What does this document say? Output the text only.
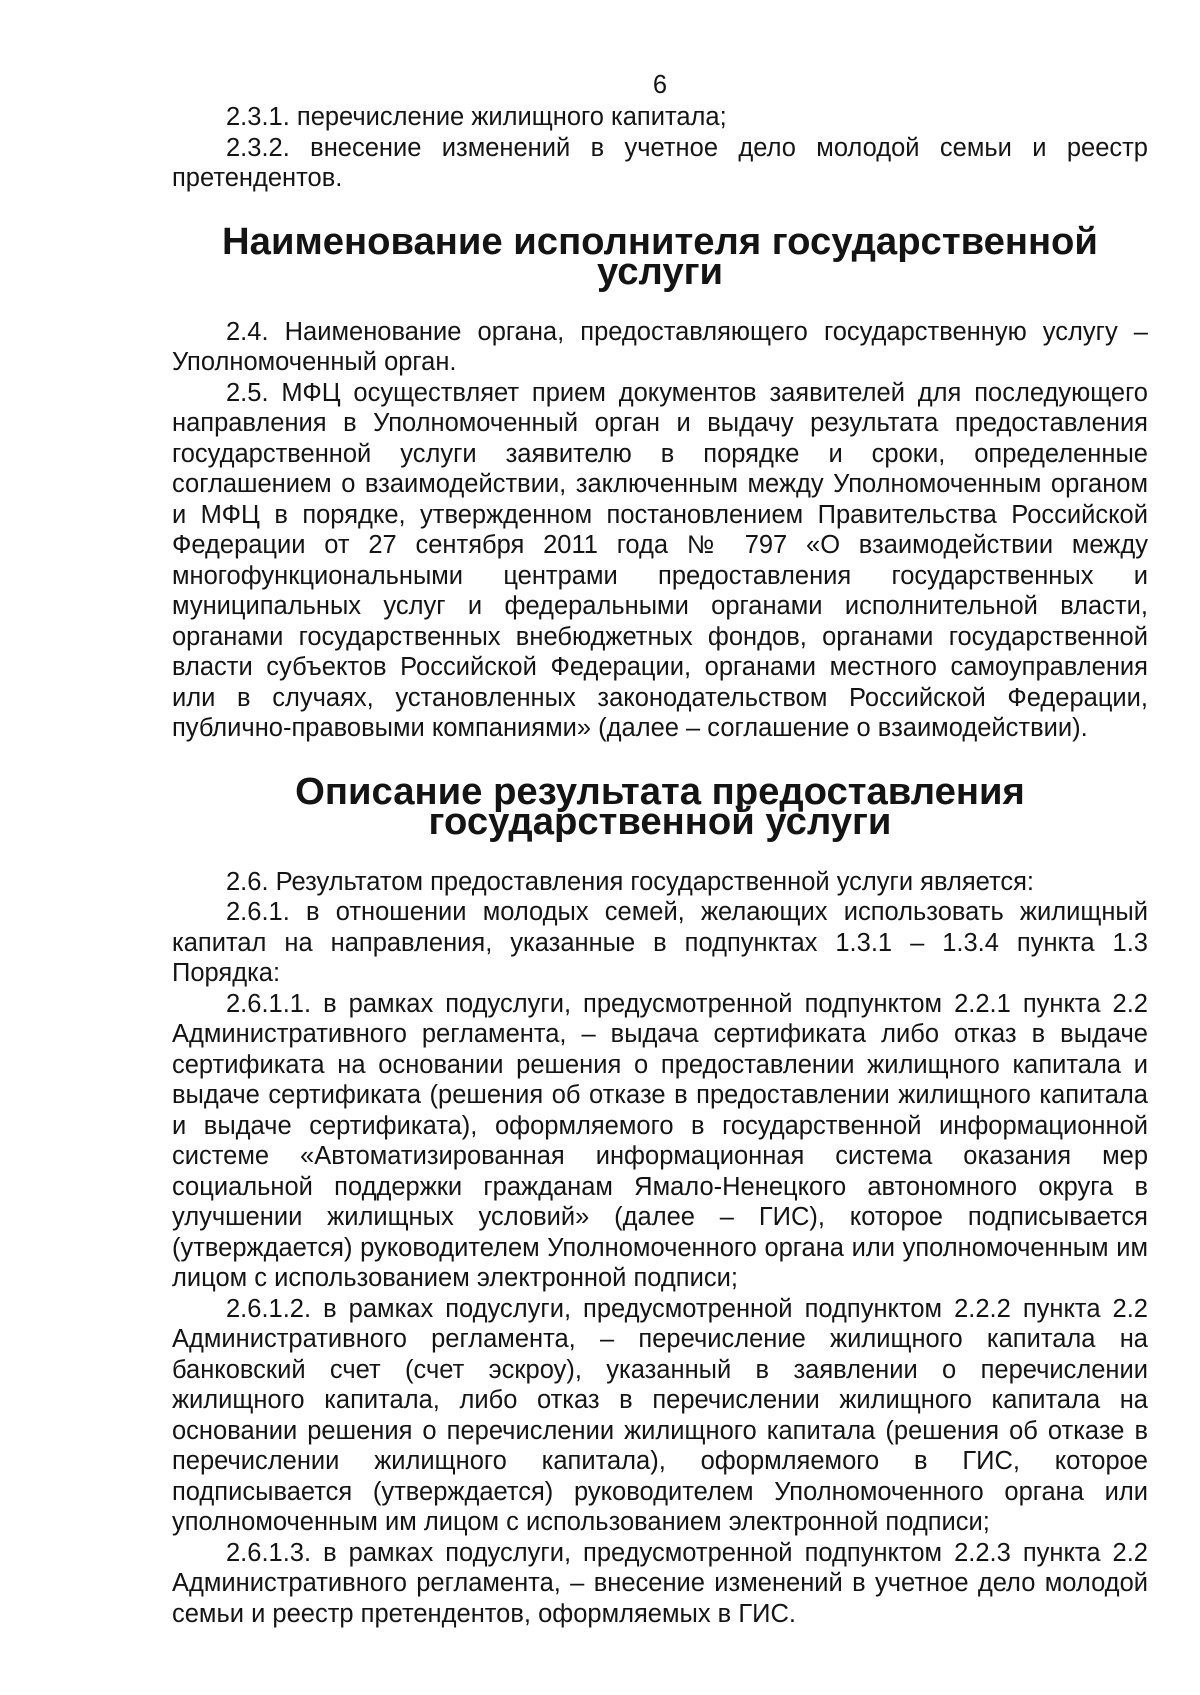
6

2.3.1. перечисление жилищного капитала;

2.3.2. внесение изменений в учетное дело молодой семьи и реестр претендентов.

Наименование исполнителя государственной услуги

2.4. Наименование органа, предоставляющего государственную услугу – Уполномоченный орган.

2.5. МФЦ осуществляет прием документов заявителей для последующего направления в Уполномоченный орган и выдачу результата предоставления государственной услуги заявителю в порядке и сроки, определенные соглашением о взаимодействии, заключенным между Уполномоченным органом и МФЦ в порядке, утвержденном постановлением Правительства Российской Федерации от 27 сентября 2011 года № 797 «О взаимодействии между многофункциональными центрами предоставления государственных и муниципальных услуг и федеральными органами исполнительной власти, органами государственных внебюджетных фондов, органами государственной власти субъектов Российской Федерации, органами местного самоуправления или в случаях, установленных законодательством Российской Федерации, публично-правовыми компаниями» (далее – соглашение о взаимодействии).

Описание результата предоставления государственной услуги

2.6. Результатом предоставления государственной услуги является:

2.6.1. в отношении молодых семей, желающих использовать жилищный капитал на направления, указанные в подпунктах 1.3.1 – 1.3.4 пункта 1.3 Порядка:

2.6.1.1. в рамках подуслуги, предусмотренной подпунктом 2.2.1 пункта 2.2 Административного регламента, – выдача сертификата либо отказ в выдаче сертификата на основании решения о предоставлении жилищного капитала и выдаче сертификата (решения об отказе в предоставлении жилищного капитала и выдаче сертификата), оформляемого в государственной информационной системе «Автоматизированная информационная система оказания мер социальной поддержки гражданам Ямало-Ненецкого автономного округа в улучшении жилищных условий» (далее – ГИС), которое подписывается (утверждается) руководителем Уполномоченного органа или уполномоченным им лицом с использованием электронной подписи;

2.6.1.2. в рамках подуслуги, предусмотренной подпунктом 2.2.2 пункта 2.2 Административного регламента, – перечисление жилищного капитала на банковский счет (счет эскроу), указанный в заявлении о перечислении жилищного капитала, либо отказ в перечислении жилищного капитала на основании решения о перечислении жилищного капитала (решения об отказе в перечислении жилищного капитала), оформляемого в ГИС, которое подписывается (утверждается) руководителем Уполномоченного органа или уполномоченным им лицом с использованием электронной подписи;

2.6.1.3. в рамках подуслуги, предусмотренной подпунктом 2.2.3 пункта 2.2 Административного регламента, – внесение изменений в учетное дело молодой семьи и реестр претендентов, оформляемых в ГИС.
